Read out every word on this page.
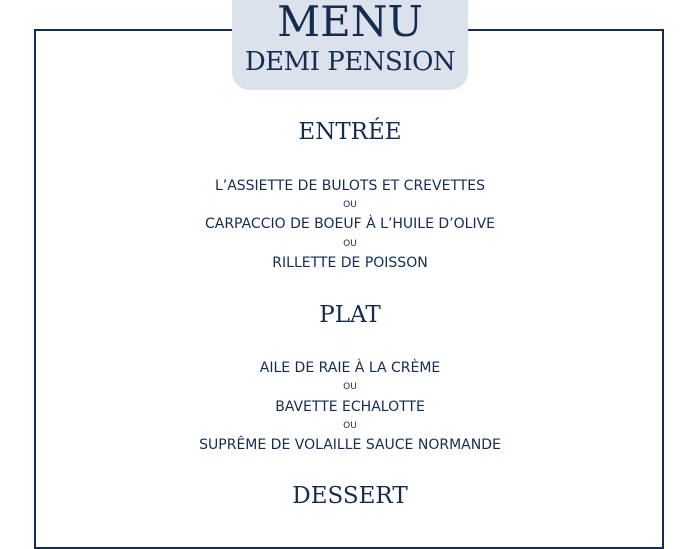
MENU
DEMI PENSION
ENTRÉE
L’ASSIETTE DE BULOTS ET CREVETTES
OU
CARPACCIO DE BOEUF À L’HUILE D’OLIVE
OU
RILLETTE DE POISSON
PLAT
AILE DE RAIE À LA CRÈME
OU
BAVETTE ECHALOTTE
OU
SUPRÊME DE VOLAILLE SAUCE NORMANDE
DESSERT
